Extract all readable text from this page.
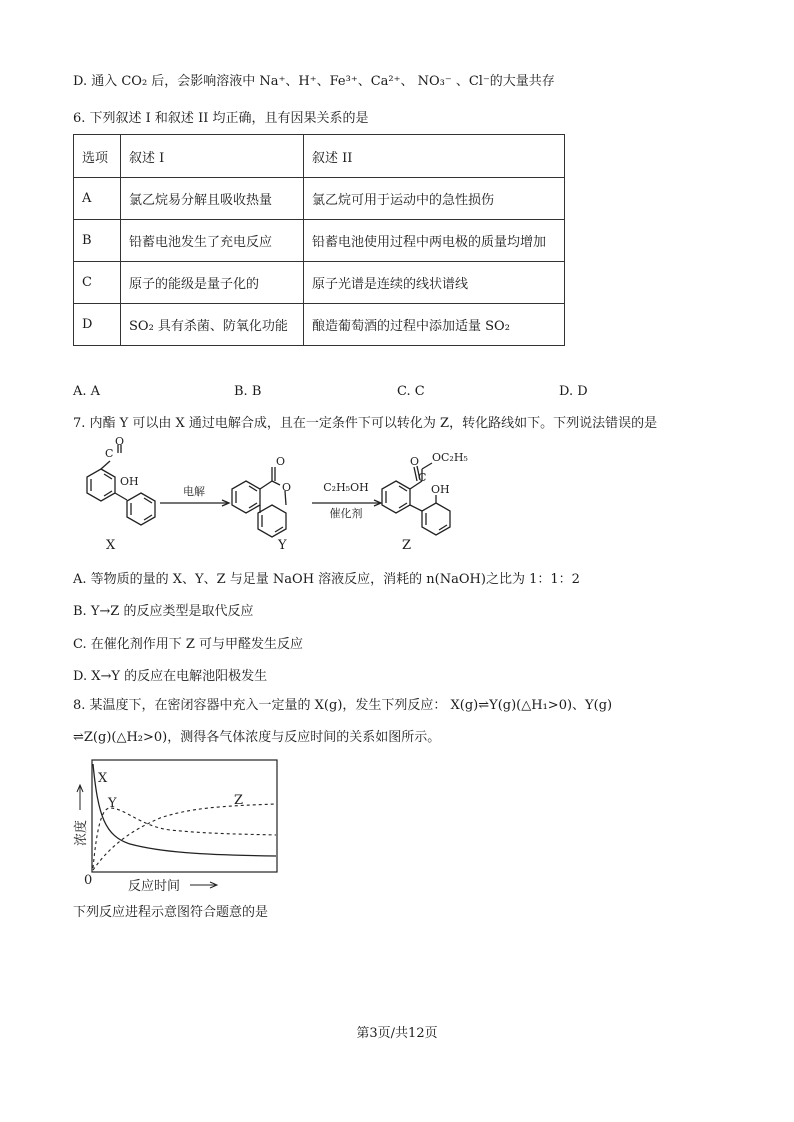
D. 通入 CO₂ 后，会影响溶液中 Na⁺、H⁺、Fe³⁺、Ca²⁺、 NO₃⁻ 、Cl⁻的大量共存
6. 下列叙述 I 和叙述 II 均正确，且有因果关系的是
选项	叙述 I	叙述 II
A	氯乙烷易分解且吸收热量	氯乙烷可用于运动中的急性损伤
B	铅蓄电池发生了充电反应	铅蓄电池使用过程中两电极的质量均增加
C	原子的能级是量子化的	原子光谱是连续的线状谱线
D	SO₂ 具有杀菌、防氧化功能	酿造葡萄酒的过程中添加适量 SO₂
A. A	B. B	C. C	D. D
7. 内酯 Y 可以由 X 通过电解合成，且在一定条件下可以转化为 Z，转化路线如下。下列说法错误的是
C
O
OH
O
O
O
C
OC₂H₅
OH
电解	C₂H₅OH
催化剂
X	Y	Z
A. 等物质的量的 X、Y、Z 与足量 NaOH 溶液反应，消耗的 n(NaOH)之比为 1：1：2
B. Y→Z 的反应类型是取代反应
C. 在催化剂作用下 Z 可与甲醛发生反应
D. X→Y 的反应在电解池阳极发生
8. 某温度下，在密闭容器中充入一定量的 X(g)，发生下列反应： X(g)⇌Y(g)(△H₁>0)、Y(g)
⇌Z(g)(△H₂>0)，测得各气体浓度与反应时间的关系如图所示。
X
Y	Z
0
浓度
反应时间
下列反应进程示意图符合题意的是
第3页/共12页
